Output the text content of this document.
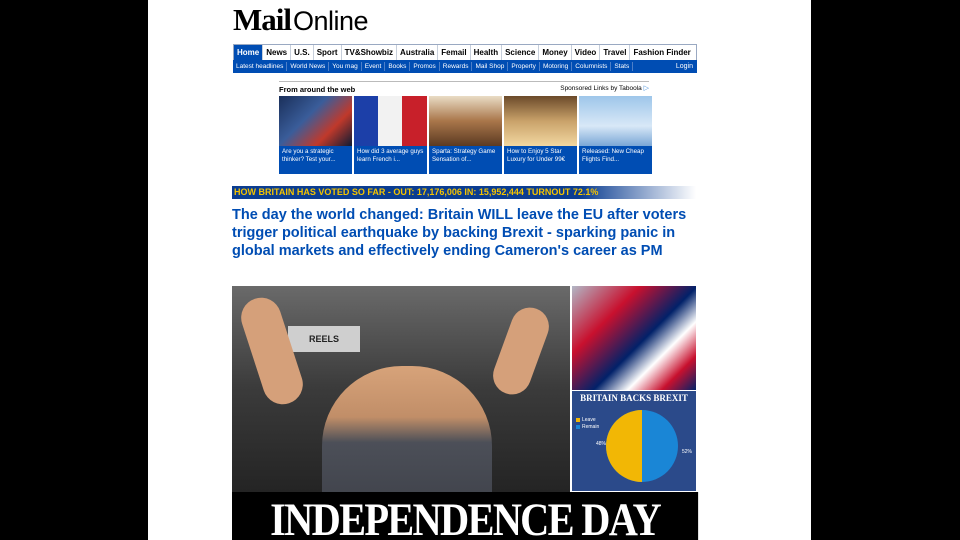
Mail Online
Home News U.S. Sport TV&Showbiz Australia Femail Health Science Money Video Travel Fashion Finder
Latest headlines	World News	You mag	Event	Books	Promos	Rewards	Mail Shop	Property	Motoring	Columnists	Stats	Login
From around the web	Sponsored Links by Taboola ▷
Are you a strategic thinker? Test your...
How did 3 average guys learn French i...
Sparta: Strategy Game Sensation of...
How to Enjoy 5 Star Luxury for Under 99€
Released: New Cheap Flights Find...
HOW BRITAIN HAS VOTED SO FAR - OUT: 17,176,006 IN: 15,952,444 TURNOUT 72.1%
The day the world changed: Britain WILL leave the EU after voters trigger political earthquake by backing Brexit - sparking panic in global markets and effectively ending Cameron's career as PM
REELS
BRITAIN BACKS BREXIT
Leave
Remain
48%
52%
INDEPENDENCE DAY
